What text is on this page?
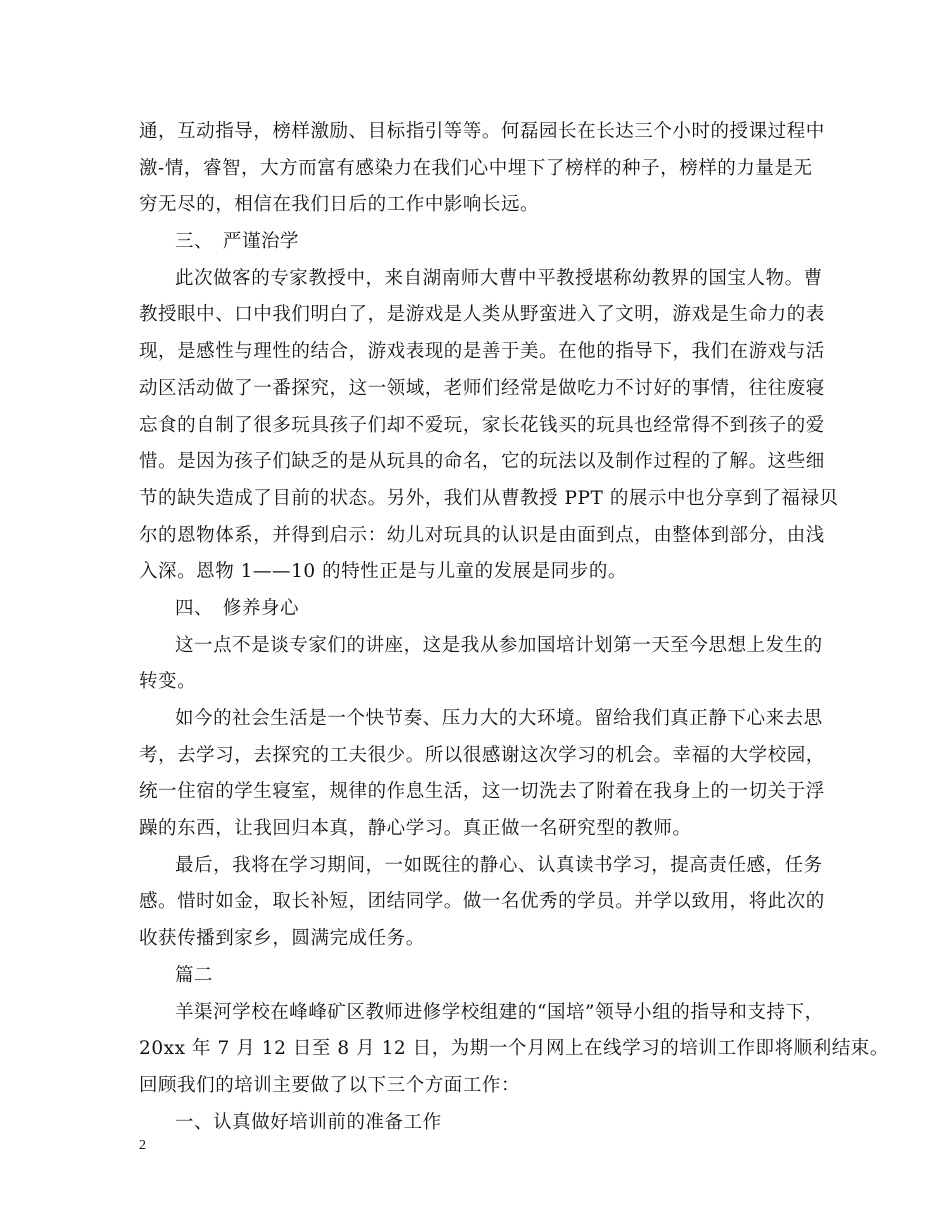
通，互动指导，榜样激励、目标指引等等。何磊园长在长达三个小时的授课过程中
激-情，睿智，大方而富有感染力在我们心中埋下了榜样的种子，榜样的力量是无
穷无尽的，相信在我们日后的工作中影响长远。
三、　严谨治学
此次做客的专家教授中，来自湖南师大曹中平教授堪称幼教界的国宝人物。曹
教授眼中、口中我们明白了，是游戏是人类从野蛮进入了文明，游戏是生命力的表
现，是感性与理性的结合，游戏表现的是善于美。在他的指导下，我们在游戏与活
动区活动做了一番探究，这一领域，老师们经常是做吃力不讨好的事情，往往废寝
忘食的自制了很多玩具孩子们却不爱玩，家长花钱买的玩具也经常得不到孩子的爱
惜。是因为孩子们缺乏的是从玩具的命名，它的玩法以及制作过程的了解。这些细
节的缺失造成了目前的状态。另外，我们从曹教授 PPT 的展示中也分享到了福禄贝
尔的恩物体系，并得到启示：幼儿对玩具的认识是由面到点，由整体到部分，由浅
入深。恩物 1——10 的特性正是与儿童的发展是同步的。
四、　修养身心
这一点不是谈专家们的讲座，这是我从参加国培计划第一天至今思想上发生的
转变。
如今的社会生活是一个快节奏、压力大的大环境。留给我们真正静下心来去思
考，去学习，去探究的工夫很少。所以很感谢这次学习的机会。幸福的大学校园，
统一住宿的学生寝室，规律的作息生活，这一切洗去了附着在我身上的一切关于浮
躁的东西，让我回归本真，静心学习。真正做一名研究型的教师。
最后，我将在学习期间，一如既往的静心、认真读书学习，提高责任感，任务
感。惜时如金，取长补短，团结同学。做一名优秀的学员。并学以致用，将此次的
收获传播到家乡，圆满完成任务。
篇二
羊渠河学校在峰峰矿区教师进修学校组建的“国培”领导小组的指导和支持下，
20xx 年 7 月 12 日至 8 月 12 日，为期一个月网上在线学习的培训工作即将顺利结束。
回顾我们的培训主要做了以下三个方面工作：
一、认真做好培训前的准备工作
2
